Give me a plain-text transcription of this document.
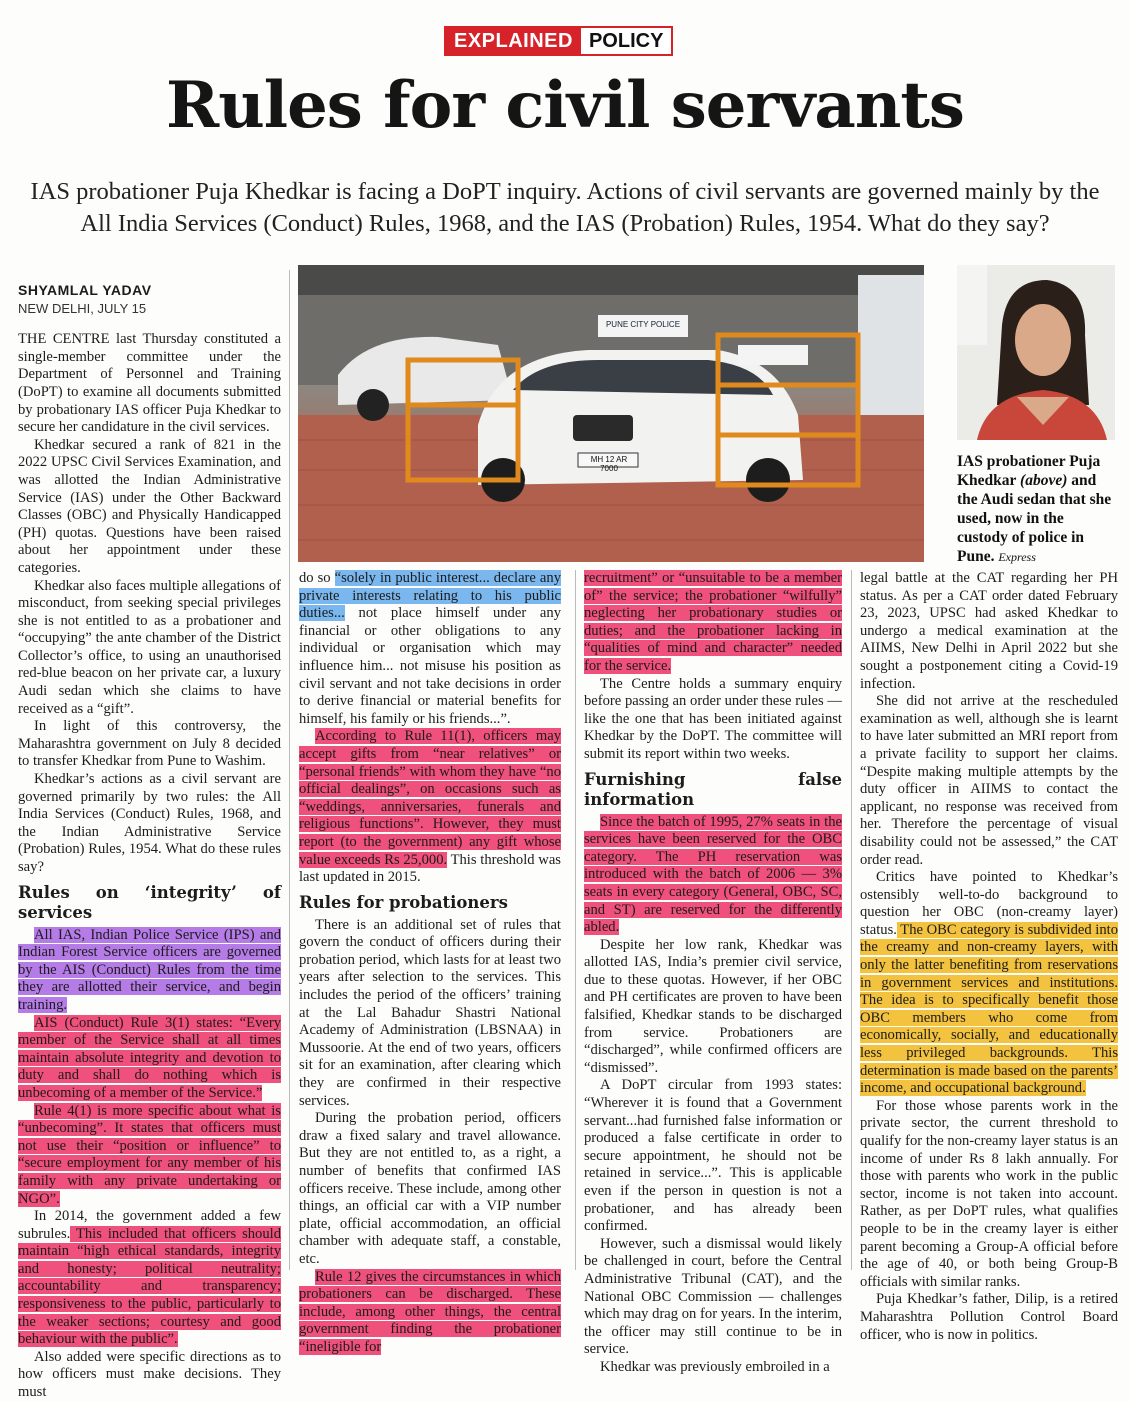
EXPLAINED POLICY
Rules for civil servants
IAS probationer Puja Khedkar is facing a DoPT inquiry. Actions of civil servants are governed mainly by the All India Services (Conduct) Rules, 1968, and the IAS (Probation) Rules, 1954. What do they say?
MH 12 AR 7000
PUNE CITY POLICE
IAS probationer Puja Khedkar (above) and the Audi sedan that she used, now in the custody of police in Pune. Express
SHYAMLAL YADAV
NEW DELHI, JULY 15

THE CENTRE last Thursday constituted a single-member committee under the Department of Personnel and Training (DoPT) to examine all documents submitted by probationary IAS officer Puja Khedkar to secure her candidature in the civil services.

Khedkar secured a rank of 821 in the 2022 UPSC Civil Services Examination, and was allotted the Indian Administrative Service (IAS) under the Other Backward Classes (OBC) and Physically Handicapped (PH) quotas. Questions have been raised about her appointment under these categories.

Khedkar also faces multiple allegations of misconduct, from seeking special privileges she is not entitled to as a probationer and “occupying” the ante chamber of the District Collector’s office, to using an unauthorised red-blue beacon on her private car, a luxury Audi sedan which she claims to have received as a “gift”.

In light of this controversy, the Maharashtra government on July 8 decided to transfer Khedkar from Pune to Washim.

Khedkar’s actions as a civil servant are governed primarily by two rules: the All India Services (Conduct) Rules, 1968, and the Indian Administrative Service (Probation) Rules, 1954. What do these rules say?

Rules on ‘integrity’ of services

All IAS, Indian Police Service (IPS) and Indian Forest Service officers are governed by the AIS (Conduct) Rules from the time they are allotted their service, and begin training.

AIS (Conduct) Rule 3(1) states: “Every member of the Service shall at all times maintain absolute integrity and devotion to duty and shall do nothing which is unbecoming of a member of the Service.”

Rule 4(1) is more specific about what is “unbecoming”. It states that officers must not use their “position or influence” to “secure employment for any member of his family with any private undertaking or NGO”.

In 2014, the government added a few subrules. This included that officers should maintain “high ethical standards, integrity and honesty; political neutrality; accountability and transparency; responsiveness to the public, particularly to the weaker sections; courtesy and good behaviour with the public”.

Also added were specific directions as to how officers must make decisions. They must

do so “solely in public interest... declare any private interests relating to his public duties... not place himself under any financial or other obligations to any individual or organisation which may influence him... not misuse his position as civil servant and not take decisions in order to derive financial or material benefits for himself, his family or his friends...”.

According to Rule 11(1), officers may accept gifts from “near relatives” or “personal friends” with whom they have “no official dealings”, on occasions such as “weddings, anniversaries, funerals and religious functions”. However, they must report (to the government) any gift whose value exceeds Rs 25,000. This threshold was last updated in 2015.

Rules for probationers

There is an additional set of rules that govern the conduct of officers during their probation period, which lasts for at least two years after selection to the services. This includes the period of the officers’ training at the Lal Bahadur Shastri National Academy of Administration (LBSNAA) in Mussoorie. At the end of two years, officers sit for an examination, after clearing which they are confirmed in their respective services.

During the probation period, officers draw a fixed salary and travel allowance. But they are not entitled to, as a right, a number of benefits that confirmed IAS officers receive. These include, among other things, an official car with a VIP number plate, official accommodation, an official chamber with adequate staff, a constable, etc.

Rule 12 gives the circumstances in which probationers can be discharged. These include, among other things, the central government finding the probationer “ineligible for

recruitment” or “unsuitable to be a member of” the service; the probationer “wilfully” neglecting her probationary studies or duties; and the probationer lacking in “qualities of mind and character” needed for the service.

The Centre holds a summary enquiry before passing an order under these rules — like the one that has been initiated against Khedkar by the DoPT. The committee will submit its report within two weeks.

Furnishing false information

Since the batch of 1995, 27% seats in the services have been reserved for the OBC category. The PH reservation was introduced with the batch of 2006 — 3% seats in every category (General, OBC, SC, and ST) are reserved for the differently abled.

Despite her low rank, Khedkar was allotted IAS, India’s premier civil service, due to these quotas. However, if her OBC and PH certificates are proven to have been falsified, Khedkar stands to be discharged from service. Probationers are “discharged”, while confirmed officers are “dismissed”.

A DoPT circular from 1993 states: “Wherever it is found that a Government servant...had furnished false information or produced a false certificate in order to secure appointment, he should not be retained in service...”. This is applicable even if the person in question is not a probationer, and has already been confirmed.

However, such a dismissal would likely be challenged in court, before the Central Administrative Tribunal (CAT), and the National OBC Commission — challenges which may drag on for years. In the interim, the officer may still continue to be in service.

Khedkar was previously embroiled in a

legal battle at the CAT regarding her PH status. As per a CAT order dated February 23, 2023, UPSC had asked Khedkar to undergo a medical examination at the AIIMS, New Delhi in April 2022 but she sought a postponement citing a Covid-19 infection.

She did not arrive at the rescheduled examination as well, although she is learnt to have later submitted an MRI report from a private facility to support her claims. “Despite making multiple attempts by the duty officer in AIIMS to contact the applicant, no response was received from her. Therefore the percentage of visual disability could not be assessed,” the CAT order read.

Critics have pointed to Khedkar’s ostensibly well-to-do background to question her OBC (non-creamy layer) status. The OBC category is subdivided into the creamy and non-creamy layers, with only the latter benefiting from reservations in government services and institutions. The idea is to specifically benefit those OBC members who come from economically, socially, and educationally less privileged backgrounds. This determination is made based on the parents’ income, and occupational background.

For those whose parents work in the private sector, the current threshold to qualify for the non-creamy layer status is an income of under Rs 8 lakh annually. For those with parents who work in the public sector, income is not taken into account. Rather, as per DoPT rules, what qualifies people to be in the creamy layer is either parent becoming a Group-A official before the age of 40, or both being Group-B officials with similar ranks.

Puja Khedkar’s father, Dilip, is a retired Maharashtra Pollution Control Board officer, who is now in politics.
